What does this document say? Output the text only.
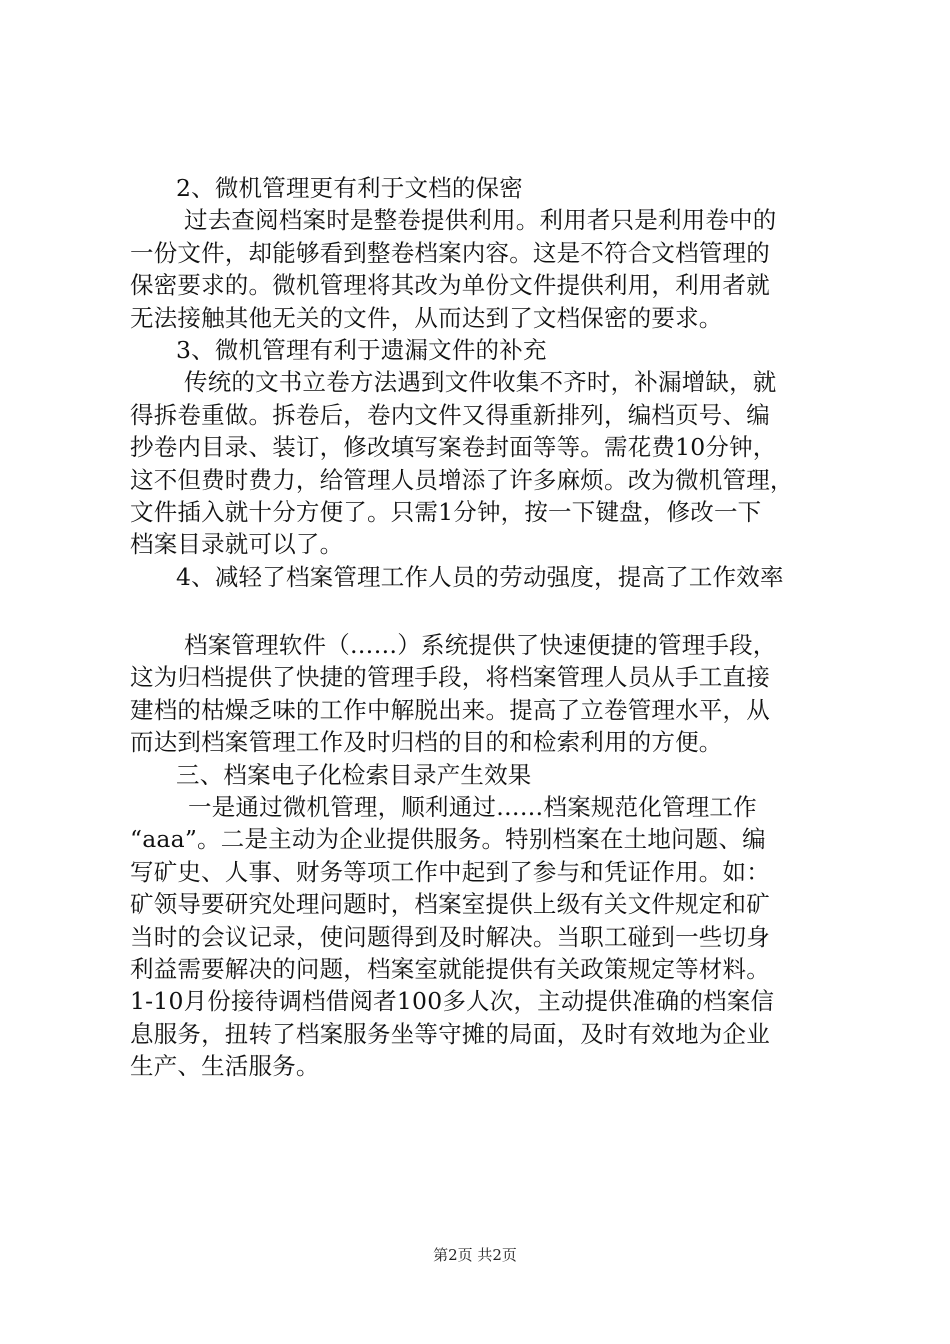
2、微机管理更有利于文档的保密
过去查阅档案时是整卷提供利用。利用者只是利用卷中的
一份文件，却能够看到整卷档案内容。这是不符合文档管理的
保密要求的。微机管理将其改为单份文件提供利用，利用者就
无法接触其他无关的文件，从而达到了文档保密的要求。
3、微机管理有利于遗漏文件的补充
传统的文书立卷方法遇到文件收集不齐时，补漏增缺，就
得拆卷重做。拆卷后，卷内文件又得重新排列，编档页号、编
抄卷内目录、装订，修改填写案卷封面等等。需花费10分钟，
这不但费时费力，给管理人员增添了许多麻烦。改为微机管理，
文件插入就十分方便了。只需1分钟，按一下键盘，修改一下
档案目录就可以了。
4、减轻了档案管理工作人员的劳动强度，提高了工作效率
档案管理软件（……）系统提供了快速便捷的管理手段，
这为归档提供了快捷的管理手段，将档案管理人员从手工直接
建档的枯燥乏味的工作中解脱出来。提高了立卷管理水平，从
而达到档案管理工作及时归档的目的和检索利用的方便。
三、档案电子化检索目录产生效果
一是通过微机管理，顺利通过……档案规范化管理工作
“aaa”。二是主动为企业提供服务。特别档案在土地问题、编
写矿史、人事、财务等项工作中起到了参与和凭证作用。如：
矿领导要研究处理问题时，档案室提供上级有关文件规定和矿
当时的会议记录，使问题得到及时解决。当职工碰到一些切身
利益需要解决的问题，档案室就能提供有关政策规定等材料。
1-10月份接待调档借阅者100多人次，主动提供准确的档案信
息服务，扭转了档案服务坐等守摊的局面，及时有效地为企业
生产、生活服务。
第2页 共2页
